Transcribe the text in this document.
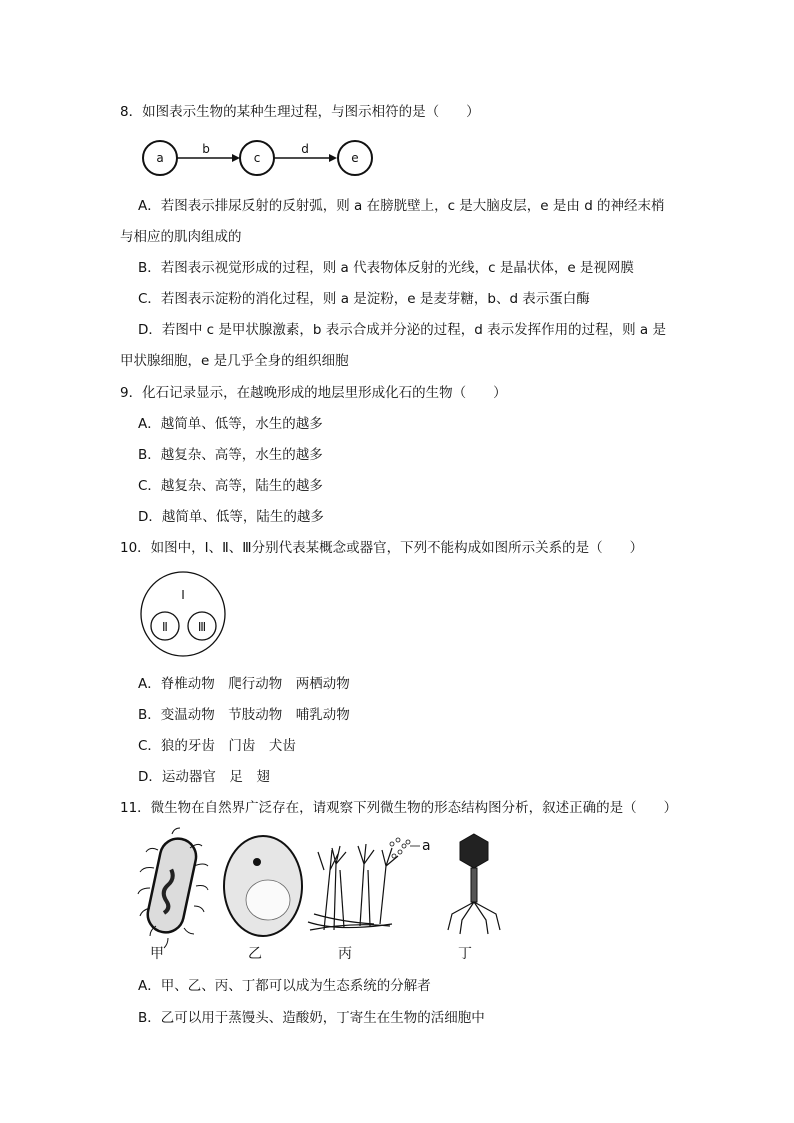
8．如图表示生物的某种生理过程，与图示相符的是（　　）
a
b
c
d
e
A．若图表示排尿反射的反射弧，则 a 在膀胱壁上，c 是大脑皮层，e 是由 d 的神经末梢
与相应的肌肉组成的
B．若图表示视觉形成的过程，则 a 代表物体反射的光线，c 是晶状体，e 是视网膜
C．若图表示淀粉的消化过程，则 a 是淀粉，e 是麦芽糖，b、d 表示蛋白酶
D．若图中 c 是甲状腺激素，b 表示合成并分泌的过程，d 表示发挥作用的过程，则 a 是
甲状腺细胞，e 是几乎全身的组织细胞
9．化石记录显示，在越晚形成的地层里形成化石的生物（　　）
A．越简单、低等，水生的越多
B．越复杂、高等，水生的越多
C．越复杂、高等，陆生的越多
D．越简单、低等，陆生的越多
10．如图中，Ⅰ、Ⅱ、Ⅲ分别代表某概念或器官，下列不能构成如图所示关系的是（　　）
Ⅰ
Ⅱ Ⅲ
A．脊椎动物　爬行动物　两栖动物
B．变温动物　节肢动物　哺乳动物
C．狼的牙齿　门齿　犬齿
D．运动器官　足　翅
11．微生物在自然界广泛存在，请观察下列微生物的形态结构图分析，叙述正确的是（　　）
甲	乙
a
丙	丁
A．甲、乙、丙、丁都可以成为生态系统的分解者
B．乙可以用于蒸馒头、造酸奶，丁寄生在生物的活细胞中
